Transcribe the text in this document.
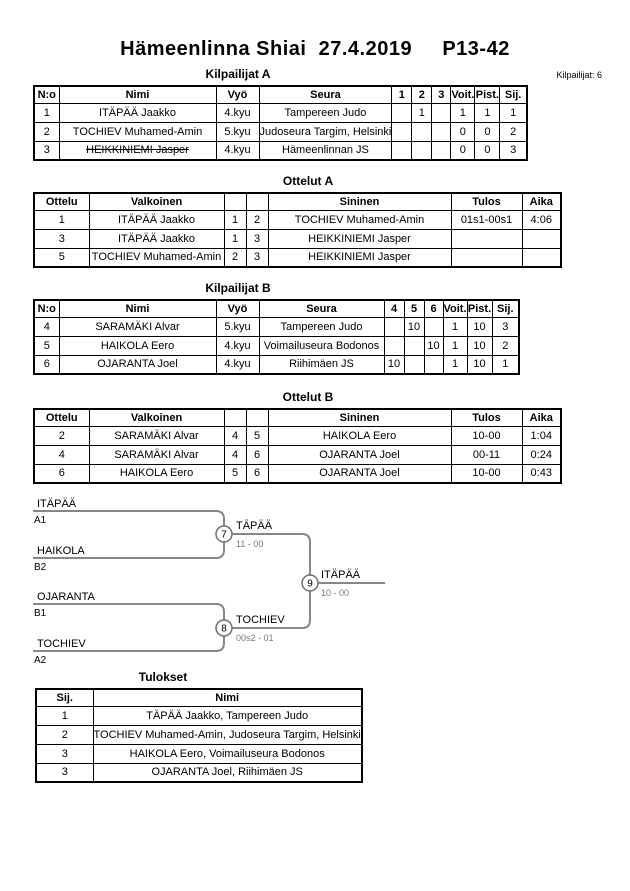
Hämeenlinna Shiai  27.4.2019     P13-42
Kilpailijat A	Kilpailijat: 6
N:o	Nimi	Vyö	Seura	1	2	3	Voit.	Pist.	Sij.
1	ITÄPÄÄ Jaakko	4.kyu	Tampereen Judo		1		1	1	1
2	TOCHIEV Muhamed-Amin	5.kyu	Judoseura Targim, Helsinki				0	0	2
3	HEIKKINIEMI Jasper	4.kyu	Hämeenlinnan JS				0	0	3
Ottelut A
Ottelu	Valkoinen			Sininen	Tulos	Aika
1	ITÄPÄÄ Jaakko	1	2	TOCHIEV Muhamed-Amin	01s1-00s1	4:06
3	ITÄPÄÄ Jaakko	1	3	HEIKKINIEMI Jasper		
5	TOCHIEV Muhamed-Amin	2	3	HEIKKINIEMI Jasper		
Kilpailijat B
N:o	Nimi	Vyö	Seura	4	5	6	Voit.	Pist.	Sij.
4	SARAMÄKI Alvar	5.kyu	Tampereen Judo		10		1	10	3
5	HAIKOLA Eero	4.kyu	Voimailuseura Bodonos			10	1	10	2
6	OJARANTA Joel	4.kyu	Riihimäen JS	10			1	10	1
Ottelut B
Ottelu	Valkoinen			Sininen	Tulos	Aika
2	SARAMÄKI Alvar	4	5	HAIKOLA Eero	10-00	1:04
4	SARAMÄKI Alvar	4	6	OJARANTA Joel	00-11	0:24
6	HAIKOLA Eero	5	6	OJARANTA Joel	10-00	0:43
ITÄPÄÄ
A1
HAIKOLA
B2
OJARANTA
B1
TOCHIEV
A2
7
8
9
TÄPÄÄ
11 - 00
TOCHIEV
00s2 - 01
ITÄPÄÄ
10 - 00
Tulokset
Sij.	Nimi
1	TÄPÄÄ Jaakko, Tampereen Judo
2	TOCHIEV Muhamed-Amin, Judoseura Targim, Helsinki
3	HAIKOLA Eero, Voimailuseura Bodonos
3	OJARANTA Joel, Riihimäen JS
